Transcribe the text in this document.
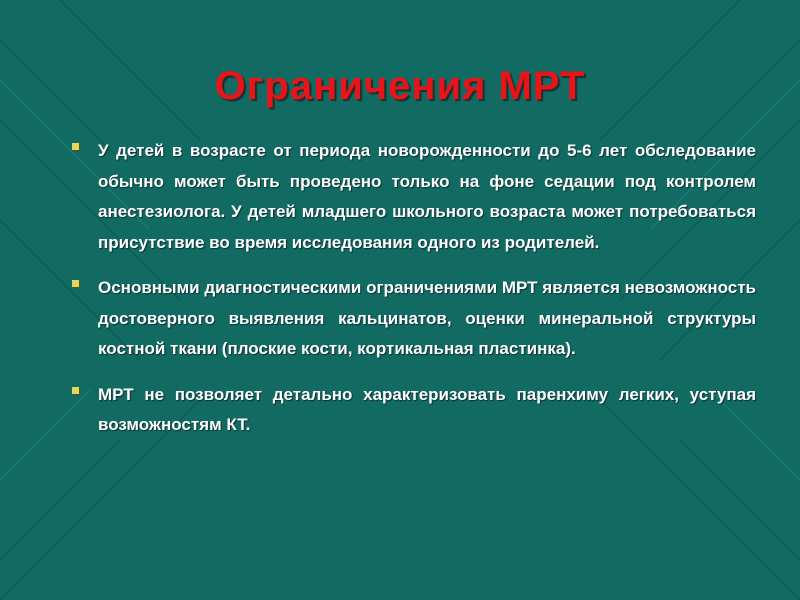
Ограничения МРТ
У детей в возрасте от периода новорожденности до 5-6 лет обследование обычно может быть проведено только на фоне седации под контролем анестезиолога. У детей младшего школьного возраста может потребоваться присутствие во время исследования одного из родителей.
Основными диагностическими ограничениями МРТ является невозможность достоверного выявления кальцинатов, оценки минеральной структуры костной ткани (плоские кости, кортикальная пластинка).
МРТ не позволяет детально характеризовать паренхиму легких, уступая возможностям КТ.
